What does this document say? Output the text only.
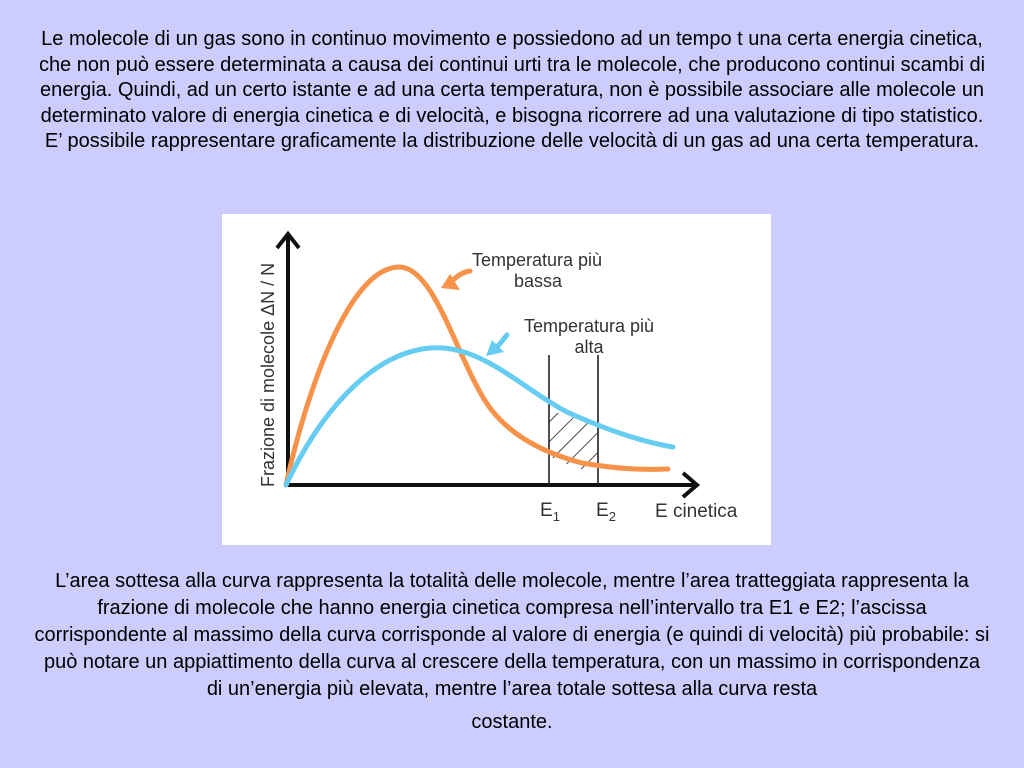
Le molecole di un gas sono in continuo movimento e possiedono ad un tempo t una certa energia cinetica, che non può essere determinata a causa dei continui urti tra le molecole, che producono continui scambi di energia. Quindi, ad un certo istante e ad una certa temperatura, non è possibile associare alle molecole un determinato valore di energia cinetica e di velocità, e bisogna ricorrere ad una valutazione di tipo statistico. E’ possibile rappresentare graficamente la distribuzione delle velocità di un gas ad una certa temperatura.
Temperatura più
bassa
Temperatura più
alta
Frazione di molecole ΔN / N
E cinetica
$E_1$ $E_2$
L’area sottesa alla curva rappresenta la totalità delle molecole, mentre l’area tratteggiata rappresenta la frazione di molecole che hanno energia cinetica compresa nell’intervallo tra E1 e E2; l’ascissa corrispondente al massimo della curva corrisponde al valore di energia (e quindi di velocità) più probabile: si può notare un appiattimento della curva al crescere della temperatura, con un massimo in corrispondenza di un’energia più elevata, mentre l’area totale sottesa alla curva resta
costante.
